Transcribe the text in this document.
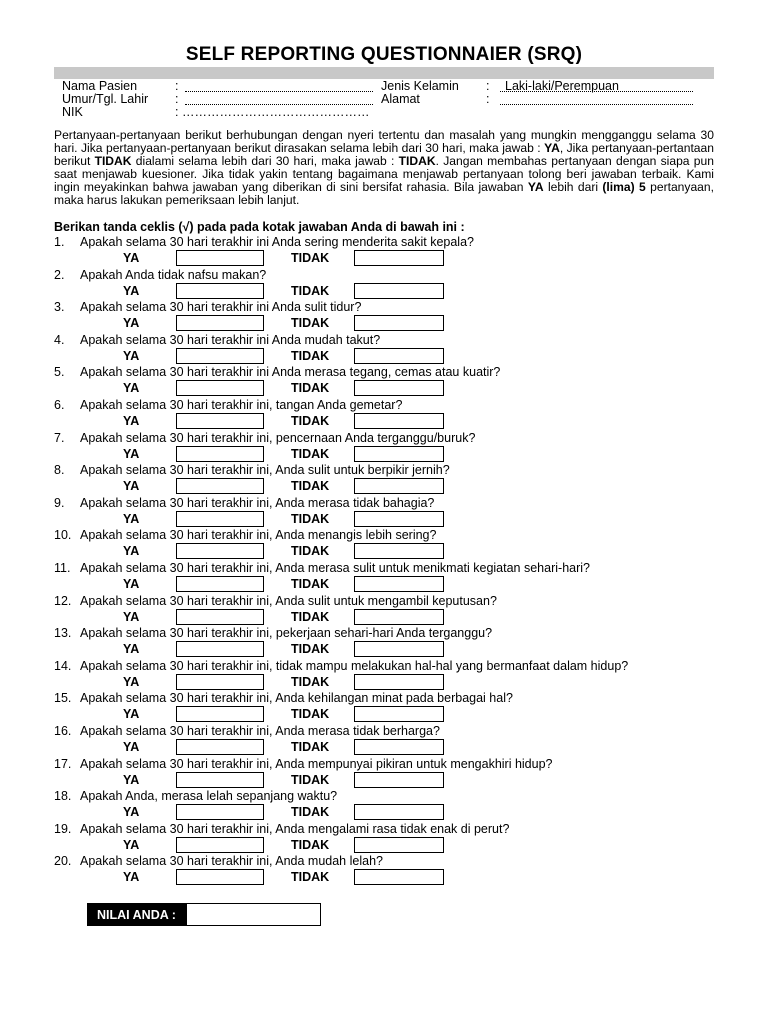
SELF REPORTING QUESTIONNAIER (SRQ)
Nama Pasien	:
Umur/Tgl. Lahir :
NIK	: ………………………………………
Jenis Kelamin : Laki-laki/Perempuan
Alamat	:
Pertanyaan-pertanyaan berikut berhubungan dengan nyeri tertentu dan masalah yang mungkin mengganggu selama 30 hari. Jika pertanyaan-pertanyaan berikut dirasakan selama lebih dari 30 hari, maka jawab : YA, Jika pertanyaan-pertantaan berikut TIDAK dialami selama lebih dari 30 hari, maka jawab : TIDAK. Jangan membahas pertanyaan dengan siapa pun saat menjawab kuesioner. Jika tidak yakin tentang bagaimana menjawab pertanyaan tolong beri jawaban terbaik. Kami ingin meyakinkan bahwa jawaban yang diberikan di sini bersifat rahasia. Bila jawaban YA lebih dari (lima) 5 pertanyaan, maka harus lakukan pemeriksaan lebih lanjut.
Berikan tanda ceklis (√) pada pada kotak jawaban Anda di bawah ini :
1. Apakah selama 30 hari terakhir ini Anda sering menderita sakit kepala?
YA	TIDAK
2. Apakah Anda tidak nafsu makan?
YA	TIDAK
3. Apakah selama 30 hari terakhir ini Anda sulit tidur?
YA	TIDAK
4. Apakah selama 30 hari terakhir ini Anda mudah takut?
YA	TIDAK
5. Apakah selama 30 hari terakhir ini Anda merasa tegang, cemas atau kuatir?
YA	TIDAK
6. Apakah selama 30 hari terakhir ini, tangan Anda gemetar?
YA	TIDAK
7. Apakah selama 30 hari terakhir ini, pencernaan Anda terganggu/buruk?
YA	TIDAK
8. Apakah selama 30 hari terakhir ini, Anda sulit untuk berpikir jernih?
YA	TIDAK
9. Apakah selama 30 hari terakhir ini, Anda merasa tidak bahagia?
YA	TIDAK
10. Apakah selama 30 hari terakhir ini, Anda menangis lebih sering?
YA	TIDAK
11. Apakah selama 30 hari terakhir ini, Anda merasa sulit untuk menikmati kegiatan sehari-hari?
YA	TIDAK
12. Apakah selama 30 hari terakhir ini, Anda sulit untuk mengambil keputusan?
YA	TIDAK
13. Apakah selama 30 hari terakhir ini, pekerjaan sehari-hari Anda terganggu?
YA	TIDAK
14. Apakah selama 30 hari terakhir ini, tidak mampu melakukan hal-hal yang bermanfaat dalam hidup?
YA	TIDAK
15. Apakah selama 30 hari terakhir ini, Anda kehilangan minat pada berbagai hal?
YA	TIDAK
16. Apakah selama 30 hari terakhir ini, Anda merasa tidak berharga?
YA	TIDAK
17. Apakah selama 30 hari terakhir ini, Anda mempunyai pikiran untuk mengakhiri hidup?
YA	TIDAK
18. Apakah Anda, merasa lelah sepanjang waktu?
YA	TIDAK
19. Apakah selama 30 hari terakhir ini, Anda mengalami rasa tidak enak di perut?
YA	TIDAK
20. Apakah selama 30 hari terakhir ini, Anda mudah lelah?
YA	TIDAK
NILAI ANDA :
